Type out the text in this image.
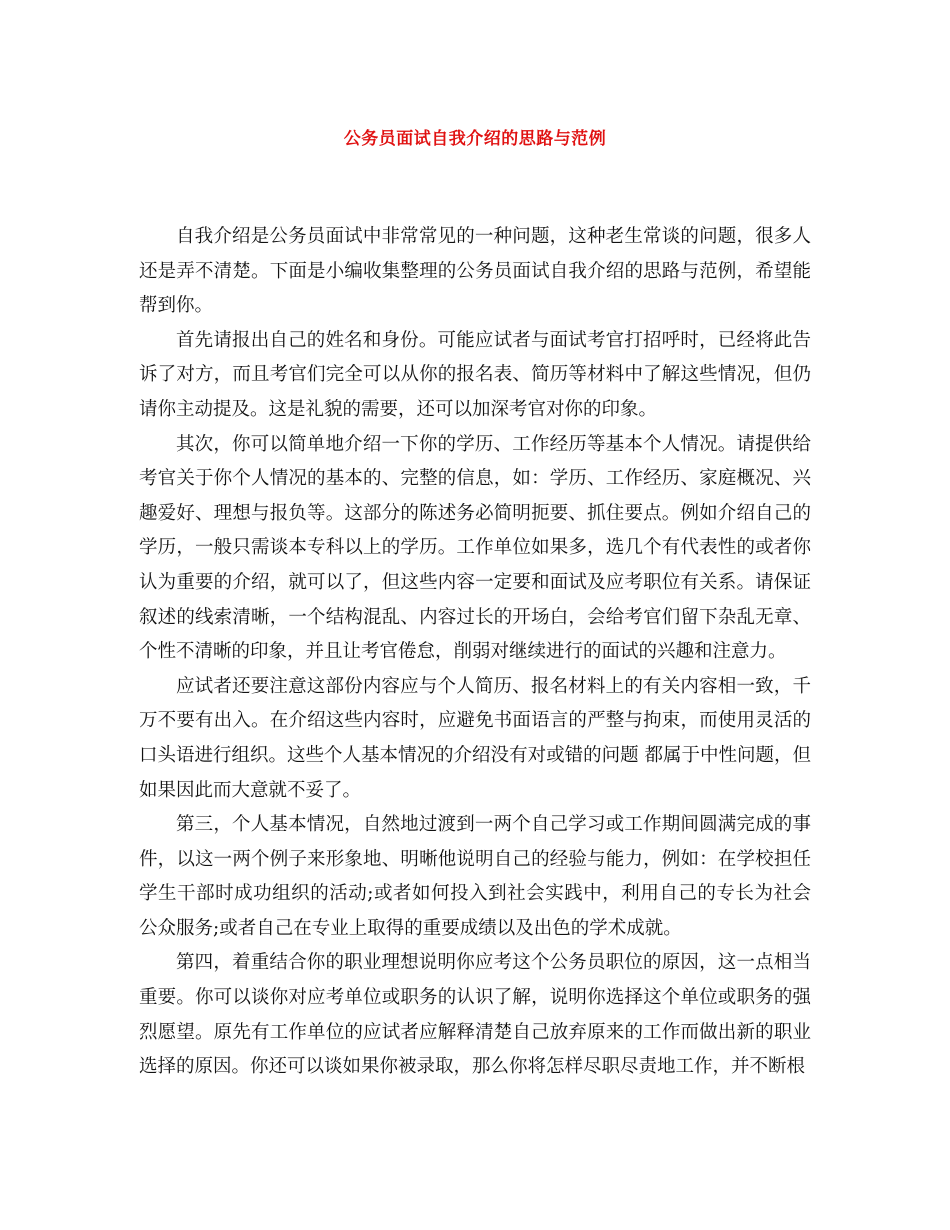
公务员面试自我介绍的思路与范例

自我介绍是公务员面试中非常常见的一种问题，这种老生常谈的问题，很多人还是弄不清楚。下面是小编收集整理的公务员面试自我介绍的思路与范例，希望能帮到你。

首先请报出自己的姓名和身份。可能应试者与面试考官打招呼时，已经将此告诉了对方，而且考官们完全可以从你的报名表、简历等材料中了解这些情况，但仍请你主动提及。这是礼貌的需要，还可以加深考官对你的印象。

其次，你可以简单地介绍一下你的学历、工作经历等基本个人情况。请提供给考官关于你个人情况的基本的、完整的信息，如：学历、工作经历、家庭概况、兴趣爱好、理想与报负等。这部分的陈述务必简明扼要、抓住要点。例如介绍自己的学历，一般只需谈本专科以上的学历。工作单位如果多，选几个有代表性的或者你认为重要的介绍，就可以了，但这些内容一定要和面试及应考职位有关系。请保证叙述的线索清晰，一个结构混乱、内容过长的开场白，会给考官们留下杂乱无章、个性不清晰的印象，并且让考官倦怠，削弱对继续进行的面试的兴趣和注意力。

应试者还要注意这部份内容应与个人简历、报名材料上的有关内容相一致，千万不要有出入。在介绍这些内容时，应避免书面语言的严整与拘束，而使用灵活的口头语进行组织。这些个人基本情况的介绍没有对或错的问题 都属于中性问题，但如果因此而大意就不妥了。

第三，个人基本情况，自然地过渡到一两个自己学习或工作期间圆满完成的事件，以这一两个例子来形象地、明晰他说明自己的经验与能力，例如：在学校担任学生干部时成功组织的活动;或者如何投入到社会实践中，利用自己的专长为社会公众服务;或者自己在专业上取得的重要成绩以及出色的学术成就。

第四，着重结合你的职业理想说明你应考这个公务员职位的原因，这一点相当重要。你可以谈你对应考单位或职务的认识了解，说明你选择这个单位或职务的强烈愿望。原先有工作单位的应试者应解释清楚自己放弃原来的工作而做出新的职业选择的原因。你还可以谈如果你被录取，那么你将怎样尽职尽责地工作，并不断根
